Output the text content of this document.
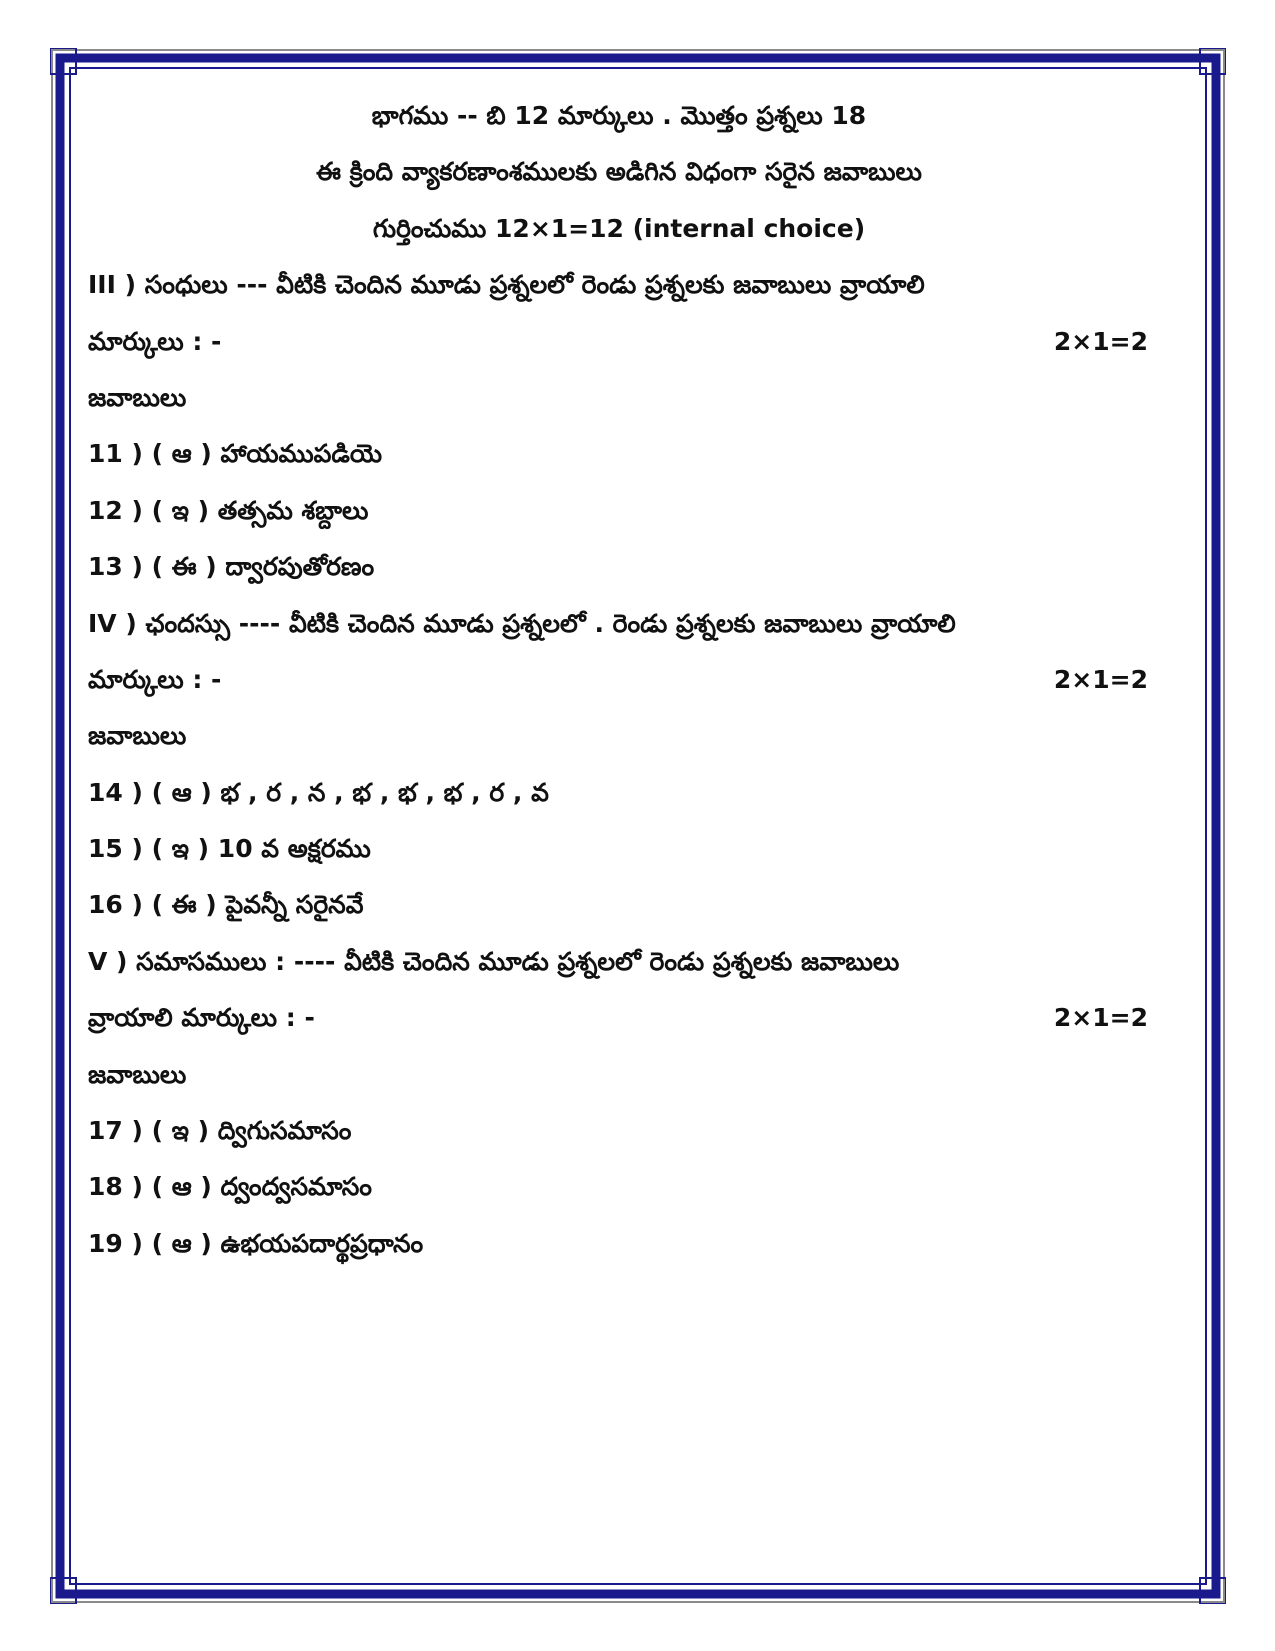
భాగము -- బి 12 మార్కులు . మొత్తం ప్రశ్నలు 18
ఈ క్రింది వ్యాకరణాంశములకు అడిగిన విధంగా సరైన జవాబులు
గుర్తించుము 12×1=12 (internal choice)
III ) సంధులు --- వీటికి చెందిన మూడు ప్రశ్నలలో రెండు ప్రశ్నలకు జవాబులు వ్రాయాలి
మార్కులు : -	2×1=2
జవాబులు
11 ) ( ఆ ) హాయముపడియె
12 ) ( ఇ ) తత్సమ శబ్దాలు
13 ) ( ఈ ) ద్వారపుతోరణం
IV ) ఛందస్సు ---- వీటికి చెందిన మూడు ప్రశ్నలలో . రెండు ప్రశ్నలకు జవాబులు వ్రాయాలి
మార్కులు : -	2×1=2
జవాబులు
14 ) ( ఆ ) భ , ర , న , భ , భ , భ , ర , వ
15 ) ( ఇ ) 10 వ అక్షరము
16 ) ( ఈ ) పైవన్నీ సరైనవే
V ) సమాసములు : ---- వీటికి చెందిన మూడు ప్రశ్నలలో రెండు ప్రశ్నలకు జవాబులు
వ్రాయాలి మార్కులు : -	2×1=2
జవాబులు
17 ) ( ఇ ) ద్విగుసమాసం
18 ) ( ఆ ) ద్వంద్వసమాసం
19 ) ( ఆ ) ఉభయపదార్థప్రధానం
